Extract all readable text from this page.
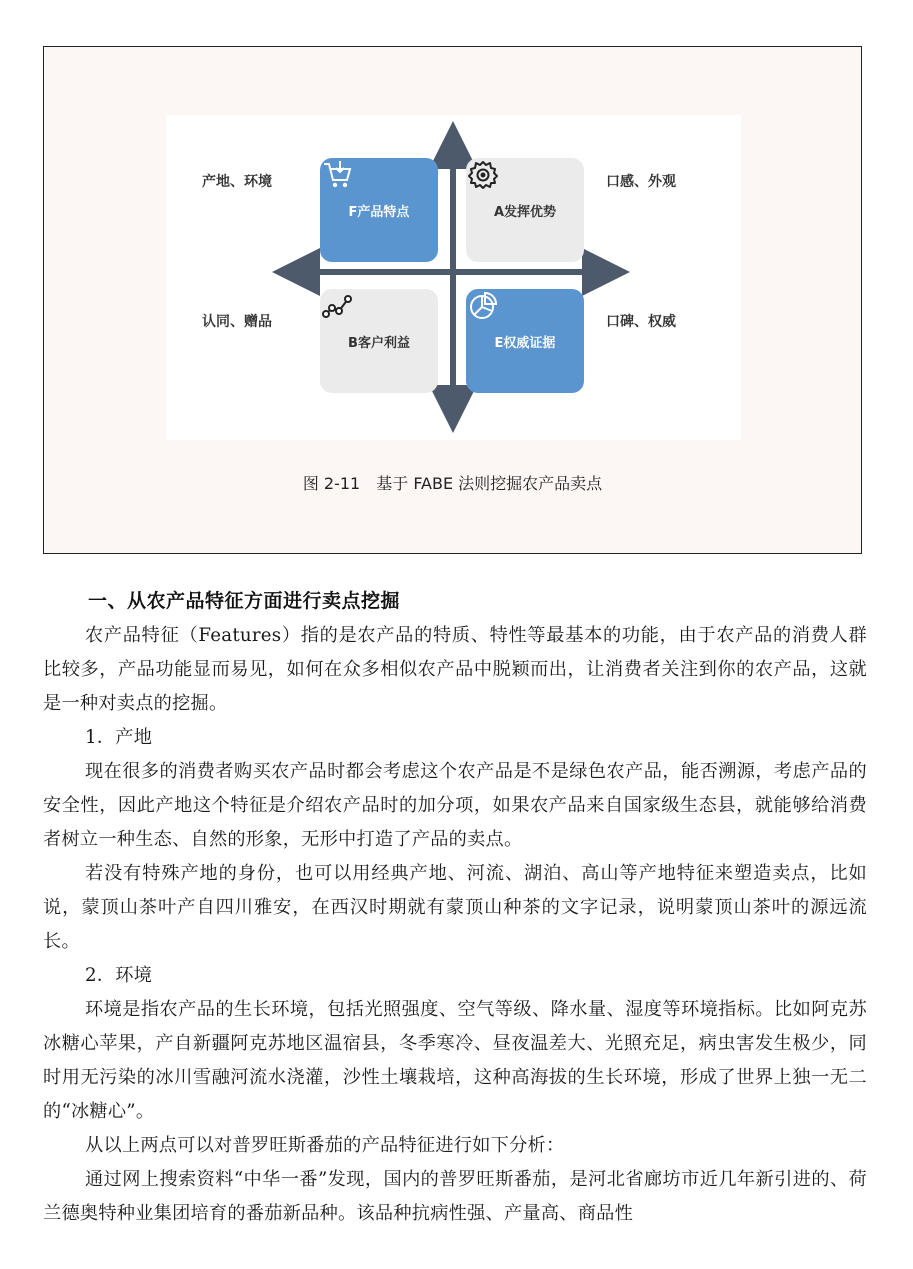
产地、环境	口感、外观
认同、赠品	口碑、权威
F产品特点	A发挥优势
B客户利益	E权威证据
图 2-11　基于 FABE 法则挖掘农产品卖点
一、从农产品特征方面进行卖点挖掘

农产品特征（Features）指的是农产品的特质、特性等最基本的功能，由于农产品的消费人群比较多，产品功能显而易见，如何在众多相似农产品中脱颖而出，让消费者关注到你的农产品，这就是一种对卖点的挖掘。

1．产地

现在很多的消费者购买农产品时都会考虑这个农产品是不是绿色农产品，能否溯源，考虑产品的安全性，因此产地这个特征是介绍农产品时的加分项，如果农产品来自国家级生态县，就能够给消费者树立一种生态、自然的形象，无形中打造了产品的卖点。

若没有特殊产地的身份，也可以用经典产地、河流、湖泊、高山等产地特征来塑造卖点，比如说，蒙顶山茶叶产自四川雅安，在西汉时期就有蒙顶山种茶的文字记录，说明蒙顶山茶叶的源远流长。

2．环境

环境是指农产品的生长环境，包括光照强度、空气等级、降水量、湿度等环境指标。比如阿克苏冰糖心苹果，产自新疆阿克苏地区温宿县，冬季寒冷、昼夜温差大、光照充足，病虫害发生极少，同时用无污染的冰川雪融河流水浇灌，沙性土壤栽培，这种高海拔的生长环境，形成了世界上独一无二的“冰糖心”。

从以上两点可以对普罗旺斯番茄的产品特征进行如下分析：

通过网上搜索资料“中华一番”发现，国内的普罗旺斯番茄，是河北省廊坊市近几年新引进的、荷兰德奥特种业集团培育的番茄新品种。该品种抗病性强、产量高、商品性
